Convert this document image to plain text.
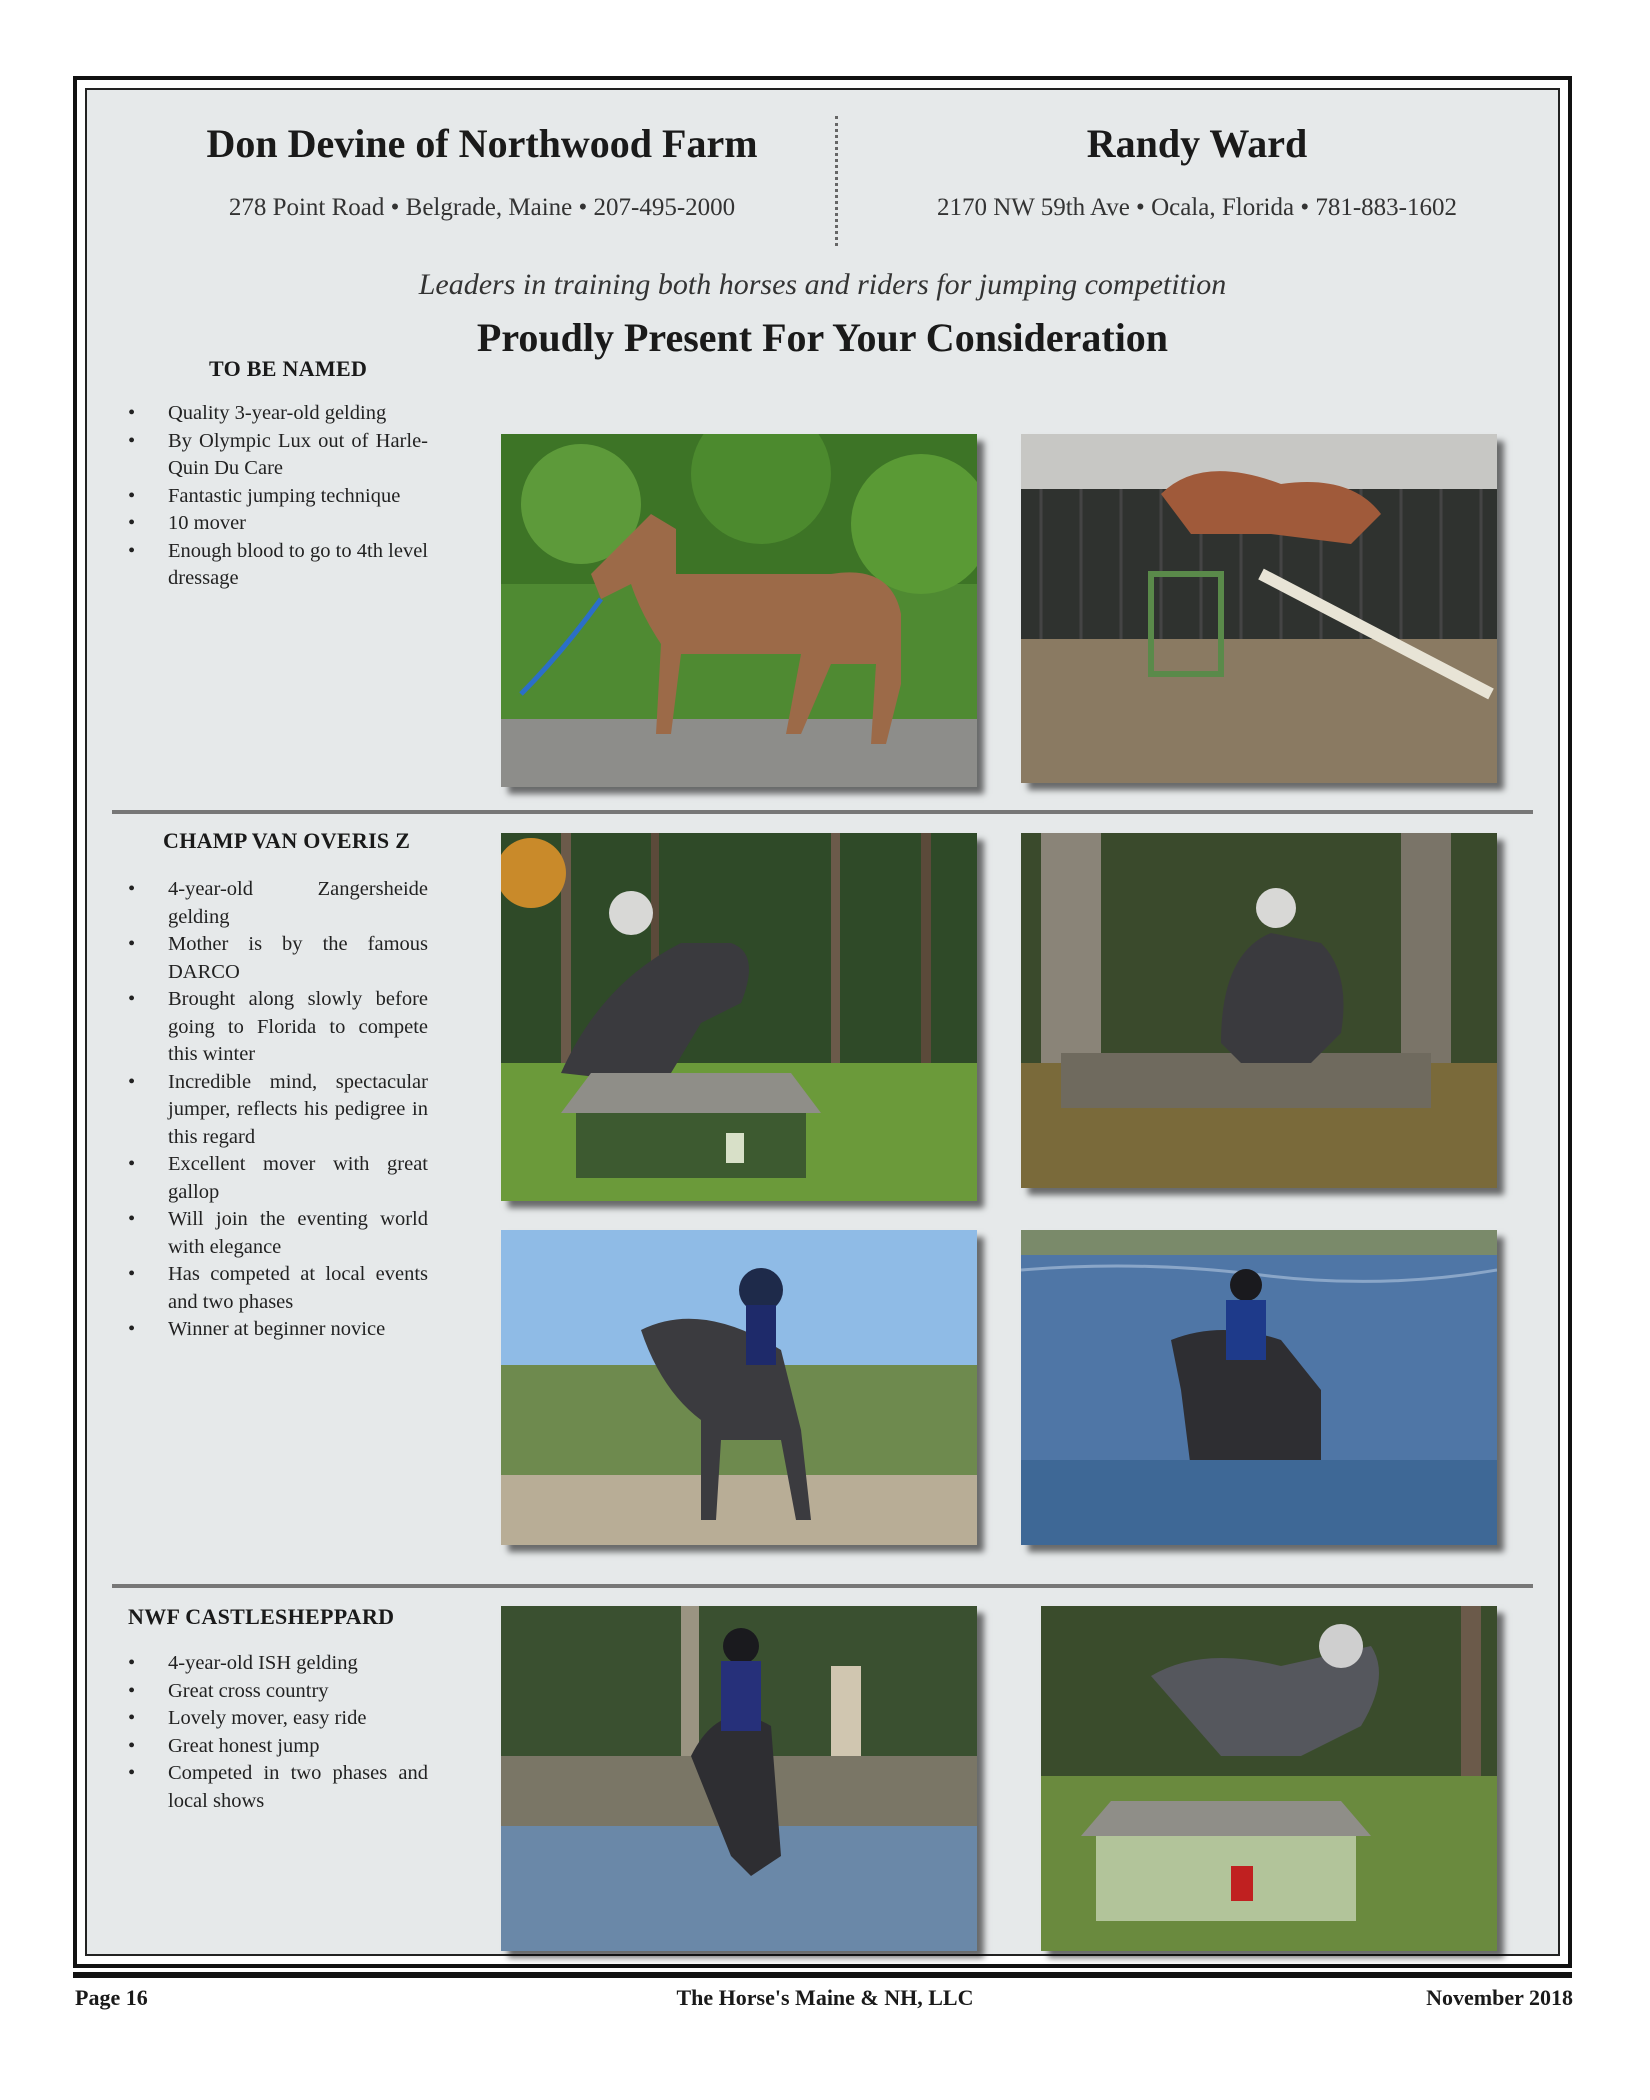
Don Devine of Northwood Farm
278 Point Road • Belgrade, Maine • 207-495-2000
Randy Ward
2170 NW 59th Ave • Ocala, Florida • 781-883-1602
Leaders in training both horses and riders for jumping competition
Proudly Present For Your Consideration
TO BE NAMED
• Quality 3-year-old gelding
• By Olympic Lux out of Harle-Quin Du Care
• Fantastic jumping technique
• 10 mover
• Enough blood to go to 4th level dressage
CHAMP VAN OVERIS Z
• 4-year-old Zangersheide gelding
• Mother is by the famous DARCO
• Brought along slowly before going to Florida to compete this winter
• Incredible mind, spectacular jumper, reflects his pedigree in this regard
• Excellent mover with great gallop
• Will join the eventing world with elegance
• Has competed at local events and two phases
• Winner at beginner novice
NWF CASTLESHEPPARD
• 4-year-old ISH gelding
• Great cross country
• Lovely mover, easy ride
• Great honest jump
• Competed in two phases and local shows
Page 16	The Horse's Maine & NH, LLC	November 2018
